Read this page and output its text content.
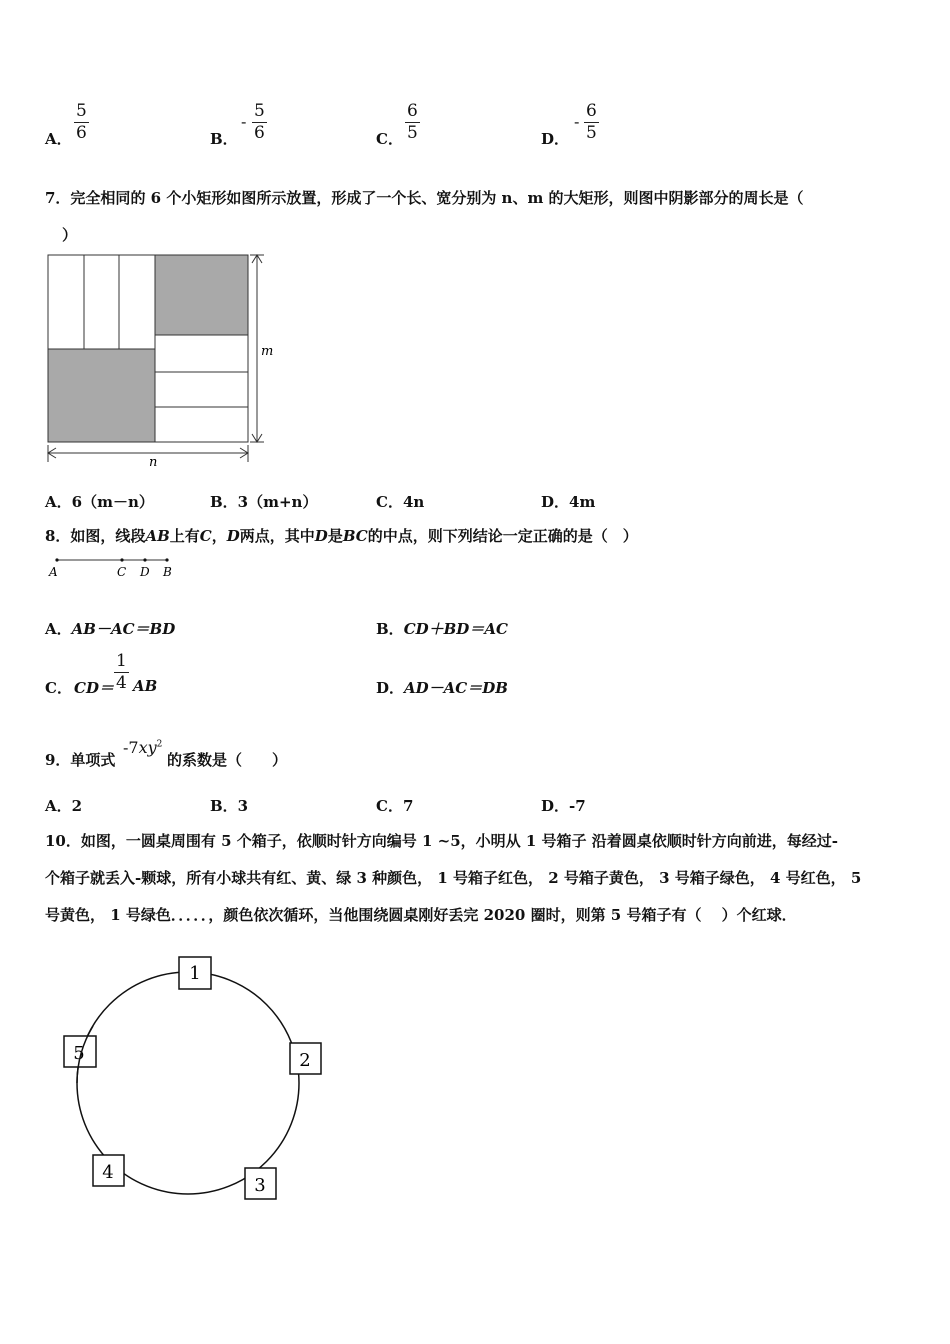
A．
5
6	B．
-
5
6	C．
6
5	D．
-
6
5
7．完全相同的 6 个小矩形如图所示放置，形成了一个长、宽分别为 n、m 的大矩形，则图中阴影部分的周长是（
）
m
n
A．6（m－n）	B．3（m+n）	C．4n	D．4m
8．如图，线段AB上有C，D两点，其中D是BC的中点，则下列结论一定正确的是（　）
A	C D B
A．AB－AC＝BD	B．CD＋BD＝AC
C． CD＝
1
4 AB	D．AD－AC＝DB
9．单项式
$-7xy^2$
的系数是（　　）
A．2	B．3	C．7	D．-7
10．如图，一圆桌周围有 5 个箱子，依顺时针方向编号 1 ~5，小明从 1 号箱子 沿着圆桌依顺时针方向前进，每经过-
个箱子就丢入-颗球，所有小球共有红、黄、绿 3 种颜色， 1 号箱子红色， 2 号箱子黄色， 3 号箱子绿色， 4 号红色， 5
号黄色， 1 号绿色．．．．．，颜色依次循环，当他围绕圆桌刚好丢完 2020 圈时，则第 5 号箱子有（　 ）个红球．
1
2
3
4
5
